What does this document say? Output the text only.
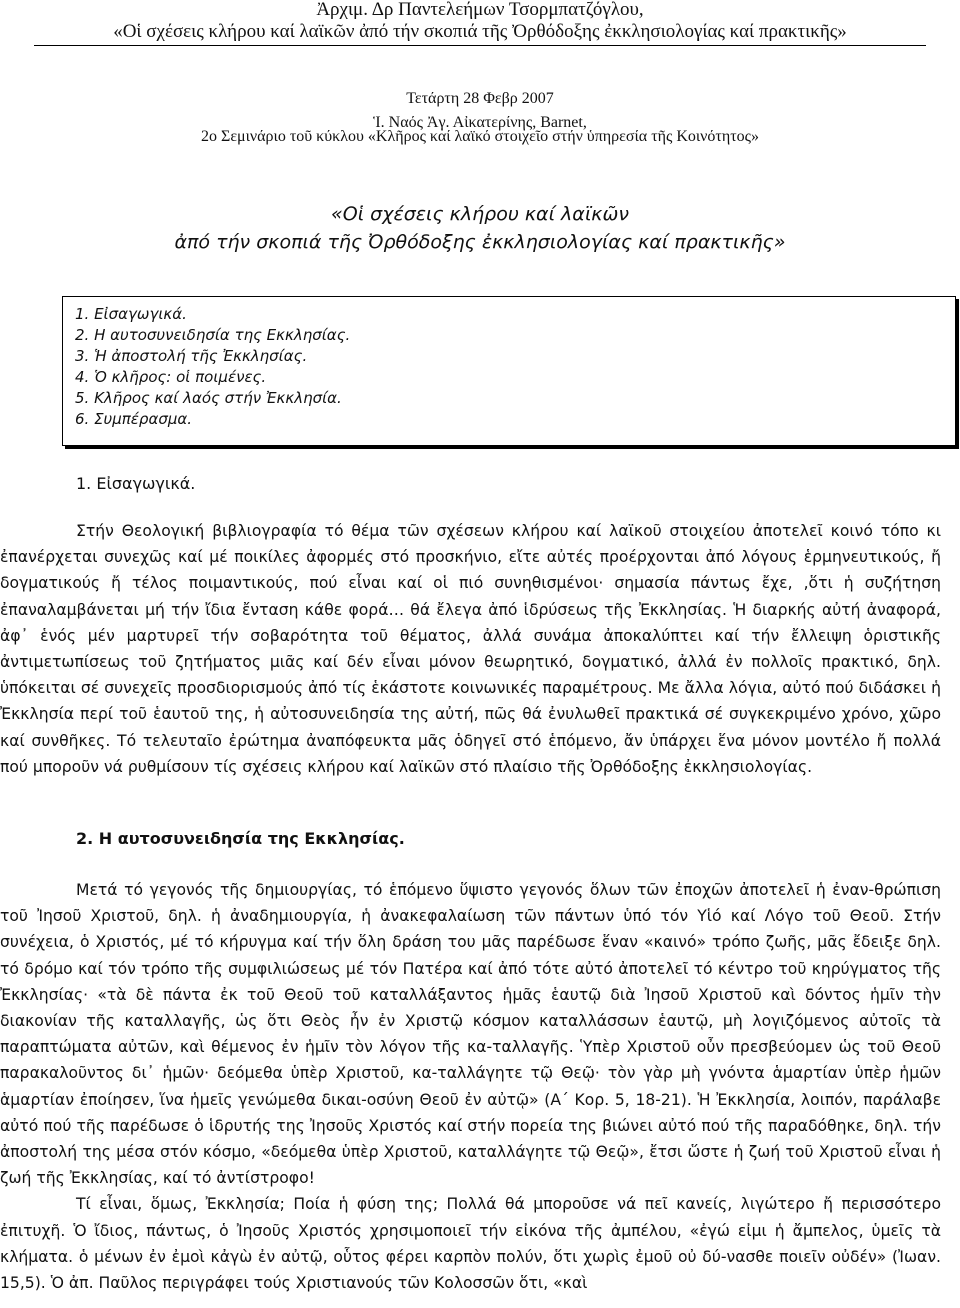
Ἀρχιμ. Δρ Παντελεήμων Τσορμπατζόγλου,
«Οἱ σχέσεις κλήρου καί λαϊκῶν ἀπό τήν σκοπιά τῆς Ὀρθόδοξης ἐκκλησιολογίας καί πρακτικῆς»
Τετάρτη 28 Φεβρ 2007
Ἱ. Ναός Ἀγ. Αἰκατερίνης, Barnet,
2ο Σεμινάριο τοῦ κύκλου «Κλῆρος καί λαϊκό στοιχεῖο στήν ὑπηρεσία τῆς Κοινότητος»
«Οἱ σχέσεις κλήρου καί λαϊκῶν
ἀπό τήν σκοπιά τῆς Ὀρθόδοξης ἐκκλησιολογίας καί πρακτικῆς»
1. Εἰσαγωγικά.
2. Η αυτοσυνειδησία της Εκκλησίας.
3. Ἡ ἀποστολή τῆς Ἐκκλησίας.
4. Ὁ κλῆρος: οἱ ποιμένες.
5. Κλῆρος καί λαός στήν Ἐκκλησία.
6. Συμπέρασμα.
1. Εἰσαγωγικά.

Στήν Θεολογική βιβλιογραφία τό θέμα τῶν σχέσεων κλήρου καί λαϊκοῦ στοιχείου ἀποτελεῖ κοινό τόπο κι ἐπανέρχεται συνεχῶς καί μέ ποικίλες ἀφορμές στό προσκήνιο, εἴτε αὐτές προέρχονται ἀπό λόγους ἑρμηνευτικούς, ἤ δογματικούς ἤ τέλος ποιμαντικούς, πού εἶναι καί οἱ πιό συνηθισμένοι· σημασία πάντως ἔχε, ,ὅτι ἡ συζήτηση ἐπαναλαμβάνεται μή τήν ἴδια ἔνταση κάθε φορά… θά ἔλεγα ἀπό ἱδρύσεως τῆς Ἐκκλησίας. Ἡ διαρκής αὐτή ἀναφορά, ἀφ᾽ ἑνός μέν μαρτυρεῖ τήν σοβαρότητα τοῦ θέματος, ἀλλά συνάμα ἀποκαλύπτει καί τήν ἔλλειψη ὁριστικῆς ἀντιμετωπίσεως τοῦ ζητήματος μιᾶς καί δέν εἶναι μόνον θεωρητικό, δογματικό, ἀλλά ἐν πολλοῖς πρακτικό, δηλ. ὑπόκειται σέ συνεχεῖς προσδιορισμούς ἀπό τίς ἑκάστοτε κοινωνικές παραμέτρους. Με ἄλλα λόγια, αὐτό πού διδάσκει ἡ Ἐκκλησία περί τοῦ ἑαυτοῦ της, ἡ αὐτοσυνειδησία της αὐτή, πῶς θά ἐνυλωθεῖ πρακτικά σέ συγκεκριμένο χρόνο, χῶρο καί συνθῆκες. Τό τελευταῖο ἐρώτημα ἀναπόφευκτα μᾶς ὁδηγεῖ στό ἑπόμενο, ἄν ὑπάρχει ἕνα μόνον μοντέλο ἤ πολλά πού μποροῦν νά ρυθμίσουν τίς σχέσεις κλήρου καί λαϊκῶν στό πλαίσιο τῆς Ὀρθόδοξης ἐκκλησιολογίας.

2. Η αυτοσυνειδησία της Εκκλησίας.

Μετά τό γεγονός τῆς δημιουργίας, τό ἑπόμενο ὕψιστο γεγονός ὅλων τῶν ἐποχῶν ἀποτελεῖ ἡ ἐναν-θρώπιση τοῦ Ἰησοῦ Χριστοῦ, δηλ. ἡ ἀναδημιουργία, ἡ ἀνακεφαλαίωση τῶν πάντων ὑπό τόν Υἱό καί Λόγο τοῦ Θεοῦ. Στήν συνέχεια, ὁ Χριστός, μέ τό κήρυγμα καί τήν ὅλη δράση του μᾶς παρέδωσε ἕναν «καινό» τρόπο ζωῆς, μᾶς ἔδειξε δηλ. τό δρόμο καί τόν τρόπο τῆς συμφιλιώσεως μέ τόν Πατέρα καί ἀπό τότε αὐτό ἀποτελεῖ τό κέντρο τοῦ κηρύγματος τῆς Ἐκκλησίας· «τὰ δὲ πάντα ἐκ τοῦ Θεοῦ τοῦ καταλλάξαντος ἡμᾶς ἑαυτῷ διὰ Ἰησοῦ Χριστοῦ καὶ δόντος ἡμῖν τὴν διακονίαν τῆς καταλλαγῆς, ὡς ὅτι Θεὸς ἦν ἐν Χριστῷ κόσμον καταλλάσσων ἑαυτῷ, μὴ λογιζόμενος αὐτοῖς τὰ παραπτώματα αὐτῶν, καὶ θέμενος ἐν ἡμῖν τὸν λόγον τῆς κα-ταλλαγῆς. Ὑπὲρ Χριστοῦ οὖν πρεσβεύομεν ὡς τοῦ Θεοῦ παρακαλοῦντος δι᾽ ἡμῶν· δεόμεθα ὑπὲρ Χριστοῦ, κα-ταλλάγητε τῷ Θεῷ· τὸν γὰρ μὴ γνόντα ἁμαρτίαν ὑπὲρ ἡμῶν ἁμαρτίαν ἐποίησεν, ἵνα ἡμεῖς γενώμεθα δικαι-οσύνη Θεοῦ ἐν αὐτῷ» (Α΄ Κορ. 5, 18-21). Ἡ Ἐκκλησία, λοιπόν, παράλαβε αὐτό πού τῆς παρέδωσε ὁ ἱδρυτής της Ἰησοῦς Χριστός καί στήν πορεία της βιώνει αὐτό πού τῆς παραδόθηκε, δηλ. τήν ἀποστολή της μέσα στόν κόσμο, «δεόμεθα ὑπὲρ Χριστοῦ, καταλλάγητε τῷ Θεῷ», ἔτσι ὥστε ἡ ζωή τοῦ Χριστοῦ εἶναι ἡ ζωή τῆς Ἐκκλησίας, καί τό ἀντίστροφο!

Τί εἶναι, ὅμως, Ἐκκλησία; Ποία ἡ φύση της; Πολλά θά μποροῦσε νά πεῖ κανείς, λιγώτερο ἤ περισσότερο ἐπιτυχῆ. Ὁ ἴδιος, πάντως, ὁ Ἰησοῦς Χριστός χρησιμοποιεῖ τήν εἰκόνα τῆς ἀμπέλου, «ἐγώ εἰμι ἡ ἄμπελος, ὑμεῖς τὰ κλήματα. ὁ μένων ἐν ἐμοὶ κἀγὼ ἐν αὐτῷ, οὗτος φέρει καρπὸν πολύν, ὅτι χωρὶς ἐμοῦ οὐ δύ-νασθε ποιεῖν οὐδέν» (Ἰωαν. 15,5). Ὁ ἀπ. Παῦλος περιγράφει τούς Χριστιανούς τῶν Κολοσσῶν ὅτι, «καὶ
